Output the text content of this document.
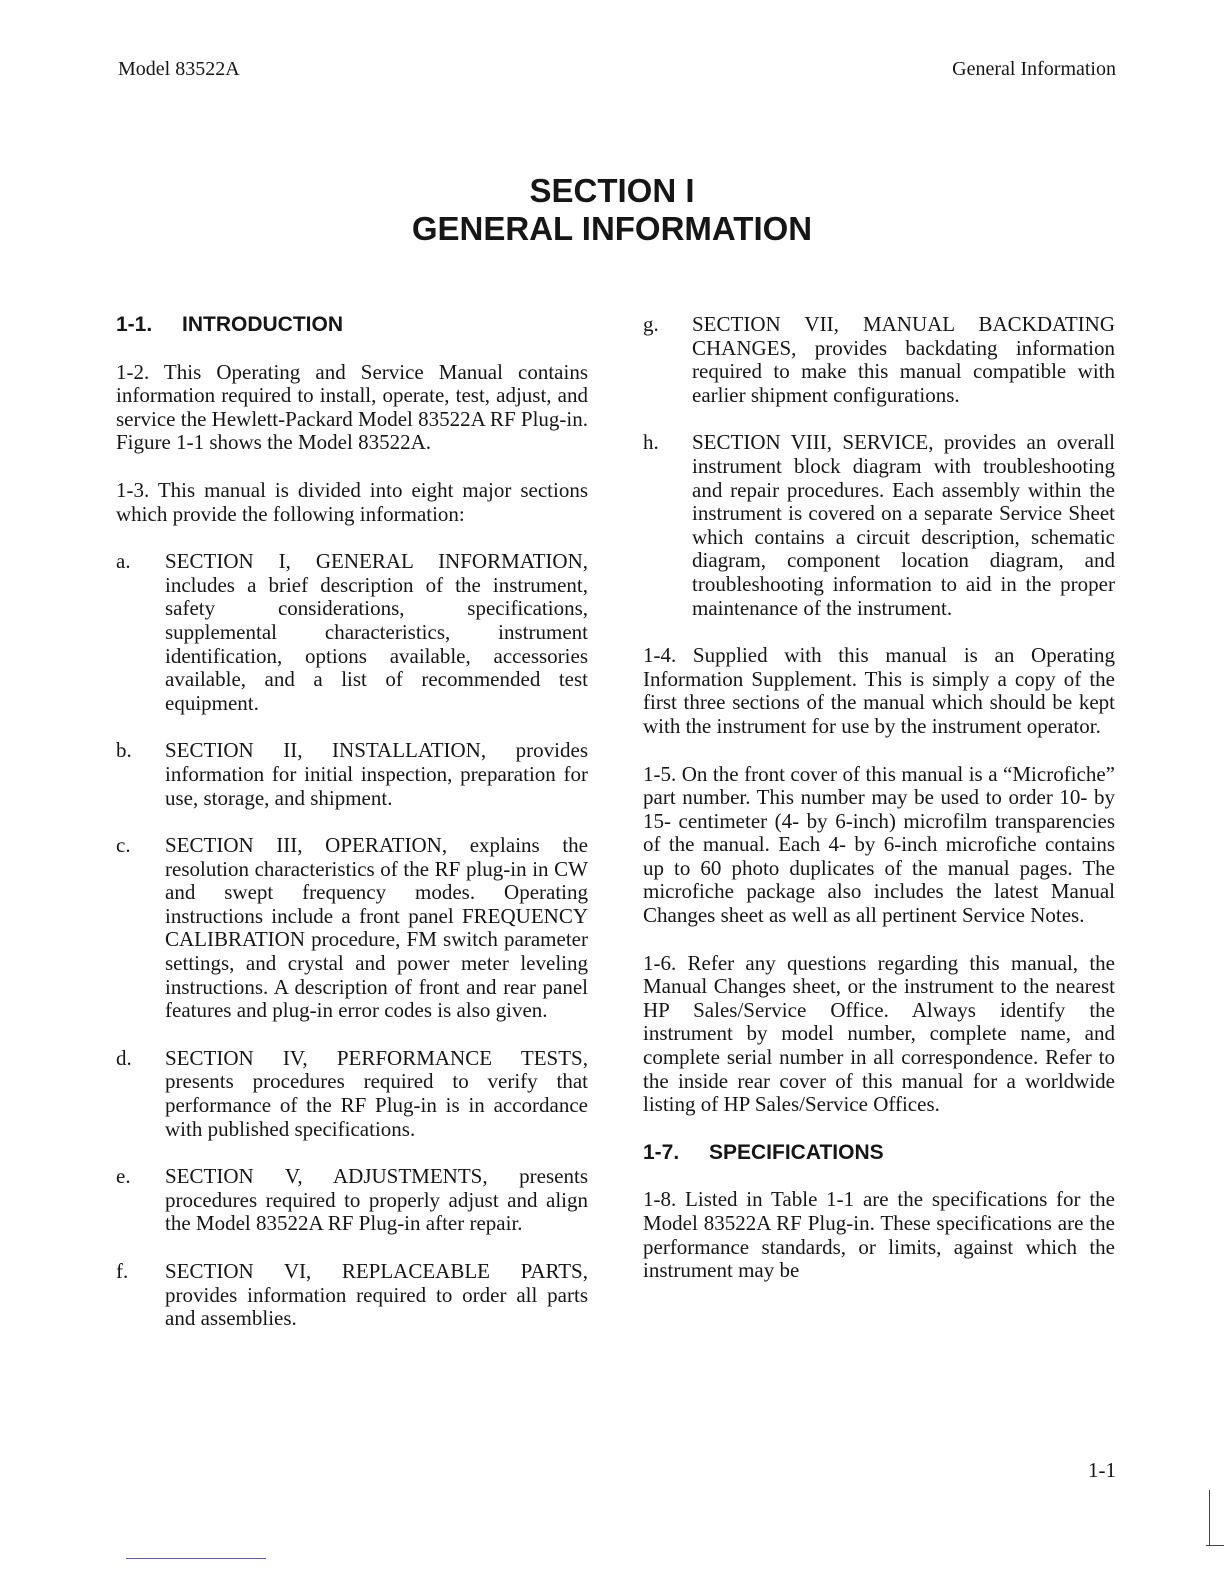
Model 83522A	General Information
SECTION I
GENERAL INFORMATION
1-1. INTRODUCTION

1-2. This Operating and Service Manual contains information required to install, operate, test, adjust, and service the Hewlett-Packard Model 83522A RF Plug-in. Figure 1-1 shows the Model 83522A.

1-3. This manual is divided into eight major sections which provide the following information:

a.	SECTION I, GENERAL INFORMATION, includes a brief description of the instrument, safety considerations, specifications, supplemental characteristics, instrument identification, options available, accessories available, and a list of recommended test equipment.
b.	SECTION II, INSTALLATION, provides information for initial inspection, preparation for use, storage, and shipment.
c.	SECTION III, OPERATION, explains the resolution characteristics of the RF plug-in in CW and swept frequency modes. Operating instructions include a front panel FREQUENCY CALIBRATION procedure, FM switch parameter settings, and crystal and power meter leveling instructions. A description of front and rear panel features and plug-in error codes is also given.
d.	SECTION IV, PERFORMANCE TESTS, presents procedures required to verify that performance of the RF Plug-in is in accordance with published specifications.
e.	SECTION V, ADJUSTMENTS, presents procedures required to properly adjust and align the Model 83522A RF Plug-in after repair.
f.	SECTION VI, REPLACEABLE PARTS, provides information required to order all parts and assemblies.
g.	SECTION VII, MANUAL BACKDATING CHANGES, provides backdating information required to make this manual compatible with earlier shipment configurations.
h.	SECTION VIII, SERVICE, provides an overall instrument block diagram with troubleshooting and repair procedures. Each assembly within the instrument is covered on a separate Service Sheet which contains a circuit description, schematic diagram, component location diagram, and troubleshooting information to aid in the proper maintenance of the instrument.

1-4. Supplied with this manual is an Operating Information Supplement. This is simply a copy of the first three sections of the manual which should be kept with the instrument for use by the instrument operator.

1-5. On the front cover of this manual is a “Microfiche” part number. This number may be used to order 10- by 15- centimeter (4- by 6-inch) microfilm transparencies of the manual. Each 4- by 6-inch microfiche contains up to 60 photo duplicates of the manual pages. The microfiche package also includes the latest Manual Changes sheet as well as all pertinent Service Notes.

1-6. Refer any questions regarding this manual, the Manual Changes sheet, or the instrument to the nearest HP Sales/Service Office. Always identify the instrument by model number, complete name, and complete serial number in all correspondence. Refer to the inside rear cover of this manual for a worldwide listing of HP Sales/Service Offices.

1-7. SPECIFICATIONS

1-8. Listed in Table 1-1 are the specifications for the Model 83522A RF Plug-in. These specifications are the performance standards, or limits, against which the instrument may be

1-1
